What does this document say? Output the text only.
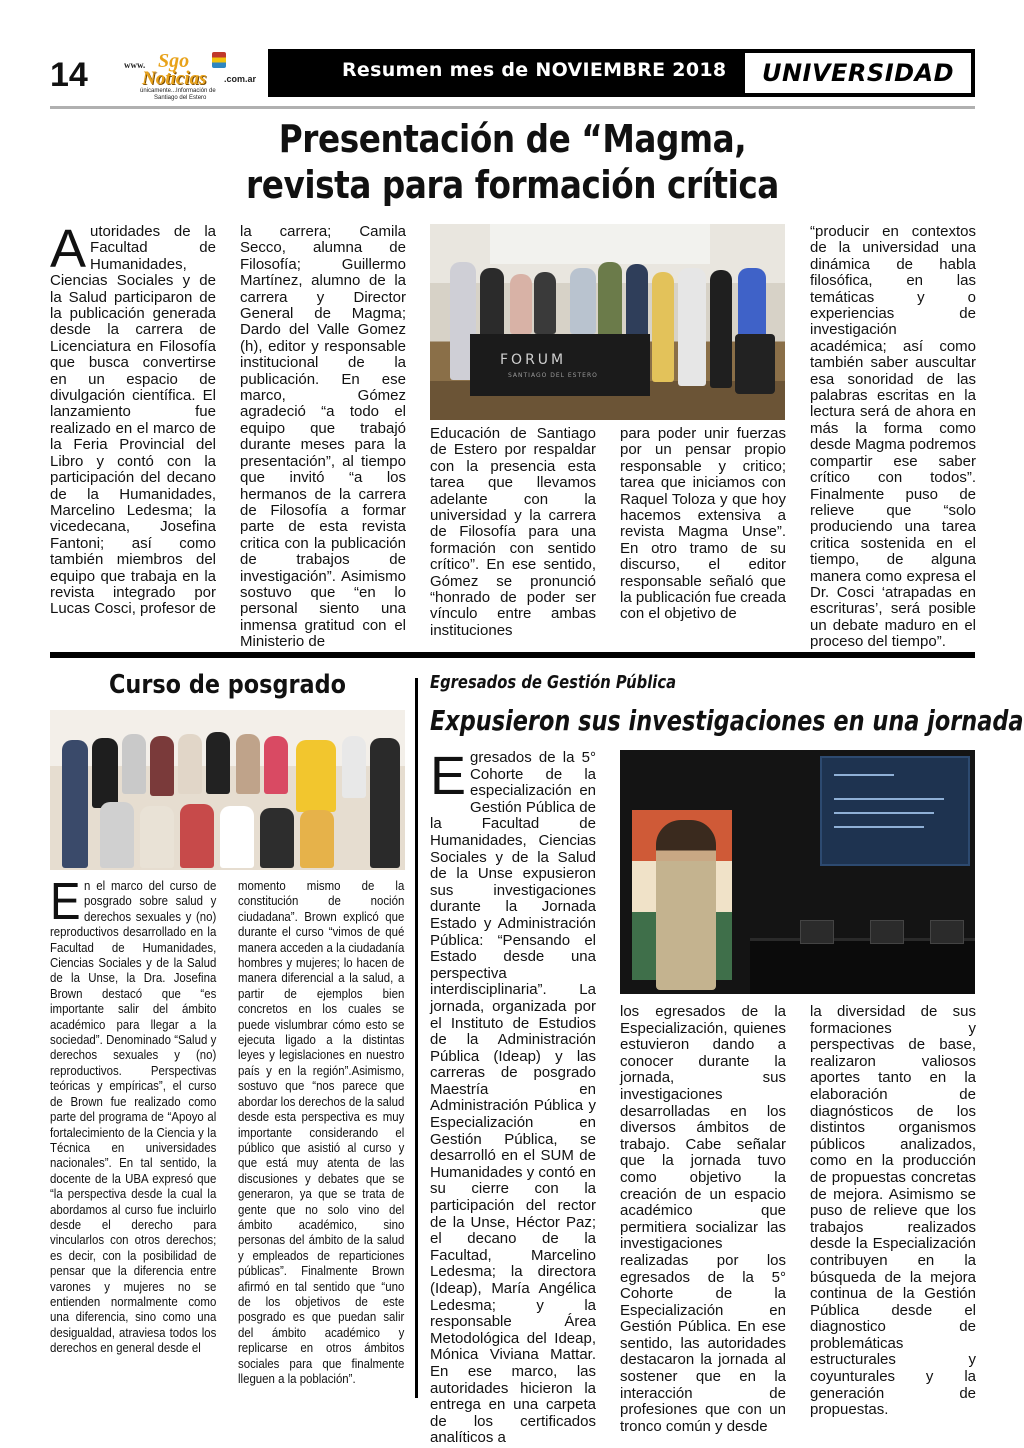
14	www. Sgo
Noticias .com.ar
únicamente...Información de
Santiago del Estero
Resumen mes de NOVIEMBRE 2018	UNIVERSIDAD
Presentación de “Magma,
revista para formación crítica
A utoridades de la Facultad de Humanidades, Ciencias Sociales y de la Salud participaron de la publicación generada desde la carrera de Licenciatura en Filosofía que busca convertirse en un espacio de divulgación científica. El lanzamiento fue realizado en el marco de la Feria Provincial del Libro y contó con la participación del decano de la Humanidades, Marcelino Ledesma; la vicedecana, Josefina Fantoni; así como también miembros del equipo que trabaja en la revista integrado por Lucas Cosci, profesor de
la carrera; Camila Secco, alumna de Filosofía; Guillermo Martínez, alumno de la carrera y Director General de Magma; Dardo del Valle Gomez (h), editor y responsable institucional de la publicación. En ese marco, Gómez agradeció “a todo el equipo que trabajó durante meses para la presentación”, al tiempo que invitó “a los hermanos de la carrera de Filosofía a formar parte de esta revista critica con la publicación de trabajos de investigación”. Asimismo sostuvo que “en lo personal siento una inmensa gratitud con el Ministerio de
FORUM
SANTIAGO DEL ESTERO
Educación de Santiago de Estero por respaldar con la presencia esta tarea que llevamos adelante con la universidad y la carrera de Filosofía para una formación con sentido crítico”. En ese sentido, Gómez se pronunció “honrado de poder ser vínculo entre ambas instituciones
para poder unir fuerzas por un pensar propio responsable y critico; tarea que iniciamos con Raquel Toloza y que hoy hacemos extensiva a revista Magma Unse”. En otro tramo de su discurso, el editor responsable señaló que la publicación fue creada con el objetivo de
“producir en contextos de la universidad una dinámica de habla filosófica, en las temáticas y o experiencias de investigación académica; así como también saber auscultar esa sonoridad de las palabras escritas en la lectura será de ahora en más la forma como desde Magma podremos compartir ese saber crítico con todos”. Finalmente puso de relieve que “solo produciendo una tarea critica sostenida en el tiempo, de alguna manera como expresa el Dr. Cosci ‘atrapadas en escrituras’, será posible un debate maduro en el proceso del tiempo”.
Curso de posgrado
E n el marco del curso de posgrado sobre salud y derechos sexuales y (no) reproductivos desarrollado en la Facultad de Humanidades, Ciencias Sociales y de la Salud de la Unse, la Dra. Josefina Brown destacó que “es importante salir del ámbito académico para llegar a la sociedad”. Denominado “Salud y derechos sexuales y (no) reproductivos. Perspectivas teóricas y empíricas”, el curso de Brown fue realizado como parte del programa de “Apoyo al fortalecimiento de la Ciencia y la Técnica en universidades nacionales”. En tal sentido, la docente de la UBA expresó que “la perspectiva desde la cual la abordamos al curso fue incluirlo desde el derecho para vincularlos con otros derechos; es decir, con la posibilidad de pensar que la diferencia entre varones y mujeres no se entienden normalmente como una diferencia, sino como una desigualdad, atraviesa todos los derechos en general desde el
momento mismo de la constitución de noción ciudadana”. Brown explicó que durante el curso “vimos de qué manera acceden a la ciudadanía hombres y mujeres; lo hacen de manera diferencial a la salud, a partir de ejemplos bien concretos en los cuales se puede vislumbrar cómo esto se ejecuta ligado a la distintas leyes y legislaciones en nuestro país y en la región”.Asimismo, sostuvo que “nos parece que abordar los derechos de la salud desde esta perspectiva es muy importante considerando el público que asistió al curso y que está muy atenta de las discusiones y debates que se generaron, ya que se trata de gente que no solo vino del ámbito académico, sino personas del ámbito de la salud y empleados de reparticiones públicas”. Finalmente Brown afirmó en tal sentido que “uno de los objetivos de este posgrado es que puedan salir del ámbito académico y replicarse en otros ámbitos sociales para que finalmente lleguen a la población”.
Egresados de Gestión Pública
Expusieron sus investigaciones en una jornada
E gresados de la 5° Cohorte de la especialización en Gestión Pública de la Facultad de Humanidades, Ciencias Sociales y de la Salud de la Unse expusieron sus investigaciones durante la Jornada Estado y Administración Pública: “Pensando el Estado desde una perspectiva interdisciplinaria”. La jornada, organizada por el Instituto de Estudios de la Administración Pública (Ideap) y las carreras de posgrado Maestría en Administración Pública y Especialización en Gestión Pública, se desarrolló en el SUM de Humanidades y contó en su cierre con la participación del rector de la Unse, Héctor Paz; el decano de la Facultad, Marcelino Ledesma; la directora (Ideap), María Angélica Ledesma; y la responsable Área Metodológica del Ideap, Mónica Viviana Mattar. En ese marco, las autoridades hicieron la entrega en una carpeta de los certificados analíticos a
los egresados de la Especialización, quienes estuvieron dando a conocer durante la jornada, sus investigaciones desarrolladas en los diversos ámbitos de trabajo. Cabe señalar que la jornada tuvo como objetivo la creación de un espacio académico que permitiera socializar las investigaciones realizadas por los egresados de la 5° Cohorte de la Especialización en Gestión Pública. En ese sentido, las autoridades destacaron la jornada al sostener que en la interacción de profesiones que con un tronco común y desde
la diversidad de sus formaciones y perspectivas de base, realizaron valiosos aportes tanto en la elaboración de diagnósticos de los distintos organismos públicos analizados, como en la producción de propuestas concretas de mejora. Asimismo se puso de relieve que los trabajos realizados desde la Especialización contribuyen en la búsqueda de la mejora continua de la Gestión Pública desde el diagnostico de problemáticas estructurales y coyunturales y la generación de propuestas.
